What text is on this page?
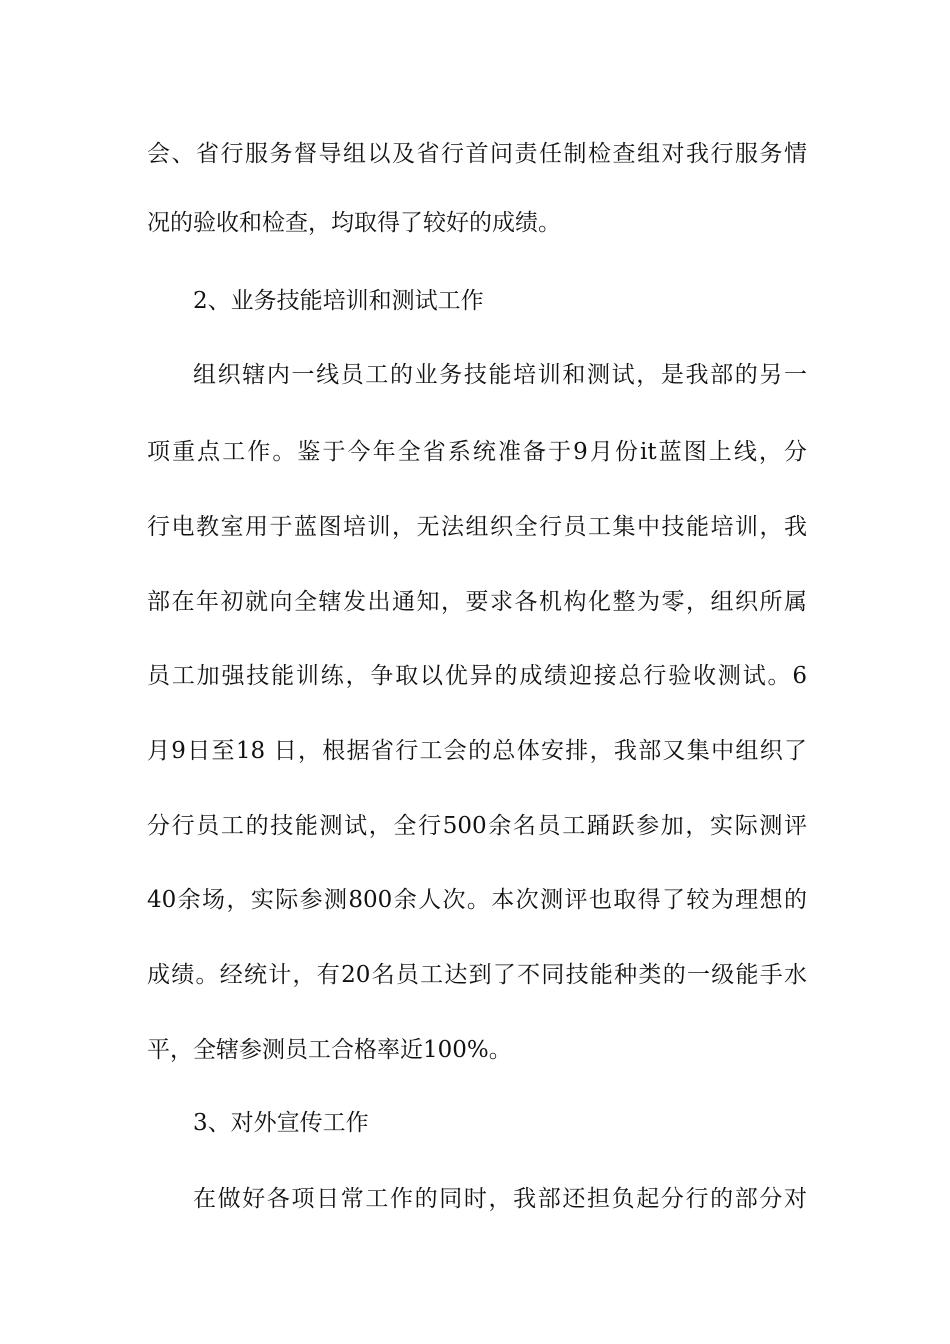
会、省行服务督导组以及省行首问责任制检查组对我行服务情
况的验收和检查，均取得了较好的成绩。
2、业务技能培训和测试工作
组织辖内一线员工的业务技能培训和测试，是我部的另一
项重点工作。鉴于今年全省系统准备于9月份it蓝图上线，分
行电教室用于蓝图培训，无法组织全行员工集中技能培训，我
部在年初就向全辖发出通知，要求各机构化整为零，组织所属
员工加强技能训练，争取以优异的成绩迎接总行验收测试。6
月9日至18 日，根据省行工会的总体安排，我部又集中组织了
分行员工的技能测试，全行500余名员工踊跃参加，实际测评
40余场，实际参测800余人次。本次测评也取得了较为理想的
成绩。经统计，有20名员工达到了不同技能种类的一级能手水
平，全辖参测员工合格率近100%。
3、对外宣传工作
在做好各项日常工作的同时，我部还担负起分行的部分对
